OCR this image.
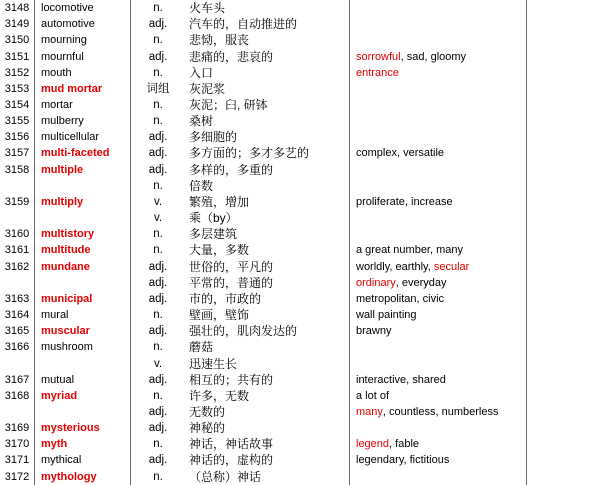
3148	locomotive	n.	火车头
3149	automotive	adj.	汽车的，自动推进的
3150	mourning	n.	悲恸，服丧
3151	mournful	adj.	悲痛的，悲哀的	sorrowful , sad, gloomy
3152	mouth	n.	入口	entrance
3153	mud mortar	词组	灰泥浆
3154	mortar	n.	灰泥；臼, 研钵
3155	mulberry	n.	桑树
3156	multicellular	adj.	多细胞的
3157	multi-faceted	adj.	多方面的；多才多艺的	complex, versatile
3158	multiple	adj.	多样的，多重的
n.	倍数
3159	multiply	v.	繁殖，增加	proliferate, increase
v.	乘（by）
3160	multistory	n.	多层建筑
3161	multitude	n.	大量，多数	a great number, many
3162	mundane	adj.	世俗的，平凡的	worldly, earthly, secular
adj.	平常的，普通的	ordinary , everyday
3163	municipal	adj.	市的，市政的	metropolitan, civic
3164	mural	n.	壁画，壁饰	wall painting
3165	muscular	adj.	强壮的，肌肉发达的	brawny
3166	mushroom	n.	蘑菇
v.	迅速生长
3167	mutual	adj.	相互的；共有的	interactive, shared
3168	myriad	n.	许多，无数	a lot of
adj.	无数的	many , countless, numberless
3169	mysterious	adj.	神秘的
3170	myth	n.	神话，神话故事	legend , fable
3171	mythical	adj.	神话的，虚构的	legendary, fictitious
3172	mythology	n.	（总称）神话
